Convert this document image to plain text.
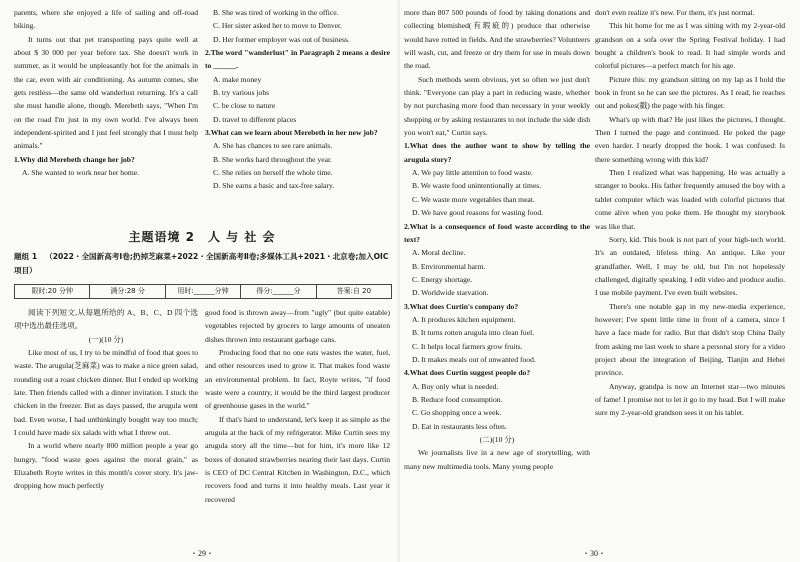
parents, where she enjoyed a life of sailing and off-road biking.

It turns out that pet transporting pays quite well at about $ 30 000 per year before tax. She doesn't work in summer, as it would be unpleasantly hot for the animals in the car, even with air conditioning. As autumn comes, she gets restless—the same old wanderlust returning. It's a call she must handle alone, though. Merebeth says, "When I'm on the road I'm just in my own world. I've always been independent-spirited and I just feel strongly that I must help animals."

1.Why did Merebeth change her job?

A. She wanted to work near her home.

B. She was tired of working in the office.

C. Her sister asked her to move to Denver.

D. Her former employer was out of business.

2.The word "wanderlust" in Paragraph 2 means a desire to ______.

A. make money

B. try various jobs

C. be close to nature

D. travel to different places

3.What can we learn about Merebeth in her new job?

A. She has chances to see rare animals.

B. She works hard throughout the year.

C. She relies on herself the whole time.

D. She earns a basic and tax-free salary.

主题语境 2　人 与 社 会
题组 1 （2022・全国新高考Ⅰ卷;扔掉芝麻菜+2022・全国新高考Ⅱ卷;多媒体工具+2021・北京卷;加入OIC项目）
限时:20 分钟	满分:28 分	用时:______分钟	得分:______分	答案:自 20

阅读下列短文,从每题所给的 A、B、C、D 四个选项中选出最佳选项。

(一)(10 分)

Like most of us, I try to be mindful of food that goes to waste. The arugula(芝麻菜) was to make a nice green salad, rounding out a roast chicken dinner. But I ended up working late. Then friends called with a dinner invitation. I stuck the chicken in the freezer. But as days passed, the arugula went bad. Even worse, I had unthinkingly bought way too much; I could have made six salads with what I threw out.

In a world where nearly 800 million people a year go hungry, "food waste goes against the moral grain," as Elizabeth Royte writes in this month's cover story. It's jaw-dropping how much perfectly

good food is thrown away—from "ugly" (but quite eatable) vegetables rejected by grocers to large amounts of uneaten dishes thrown into restaurant garbage cans.

Producing food that no one eats wastes the water, fuel, and other resources used to grow it. That makes food waste an environmental problem. In fact, Royte writes, "if food waste were a country, it would be the third largest producer of greenhouse gases in the world."

If that's hard to understand, let's keep it as simple as the arugula at the back of my refrigerator. Mike Curtin sees my arugula story all the time—but for him, it's more like 12 boxes of donated strawberries nearing their last days. Curtin is CEO of DC Central Kitchen in Washington, D.C., which recovers food and turns it into healthy meals. Last year it recovered

・29・

more than 807 500 pounds of food by taking donations and collecting blemished(有瑕疵的) produce that otherwise would have rotted in fields. And the strawberries? Volunteers will wash, cut, and freeze or dry them for use in meals down the road.

Such methods seem obvious, yet so often we just don't think. "Everyone can play a part in reducing waste, whether by not purchasing more food than necessary in your weekly shopping or by asking restaurants to not include the side dish you won't eat," Curtin says.

1.What does the author want to show by telling the arugula story?

A. We pay little attention to food waste.

B. We waste food unintentionally at times.

C. We waste more vegetables than meat.

D. We have good reasons for wasting food.

2.What is a consequence of food waste according to the text?

A. Moral decline.

B. Environmental harm.

C. Energy shortage.

D. Worldwide starvation.

3.What does Curtin's company do?

A. It produces kitchen equipment.

B. It turns rotten arugula into clean fuel.

C. It helps local farmers grow fruits.

D. It makes meals out of unwanted food.

4.What does Curtin suggest people do?

A. Buy only what is needed.

B. Reduce food consumption.

C. Go shopping once a week.

D. Eat in restaurants less often.

(二)(10 分)

We journalists live in a new age of storytelling, with many new multimedia tools. Many young people

don't even realize it's new. For them, it's just normal.

This hit home for me as I was sitting with my 2-year-old grandson on a sofa over the Spring Festival holiday. I had bought a children's book to read. It had simple words and colorful pictures—a perfect match for his age.

Picture this: my grandson sitting on my lap as I hold the book in front so he can see the pictures. As I read, he reaches out and pokes(戳) the page with his finger.

What's up with that? He just likes the pictures, I thought. Then I turned the page and continued. He poked the page even harder. I nearly dropped the book. I was confused: Is there something wrong with this kid?

Then I realized what was happening. He was actually a stranger to books. His father frequently amused the boy with a tablet computer which was loaded with colorful pictures that come alive when you poke them. He thought my storybook was like that.

Sorry, kid. This book is not part of your high-tech world. It's an outdated, lifeless thing. An antique. Like your grandfather. Well, I may be old, but I'm not hopelessly challenged, digitally speaking. I edit video and produce audio. I use mobile payment. I've even built websites.

There's one notable gap in my new-media experience, however; I've spent little time in front of a camera, since I have a face made for radio. But that didn't stop China Daily from asking me last week to share a personal story for a video project about the integration of Beijing, Tianjin and Hebei province.

Anyway, grandpa is now an Internet star—two minutes of fame! I promise not to let it go to my head. But I will make sure my 2-year-old grandson sees it on his tablet.

・30・
